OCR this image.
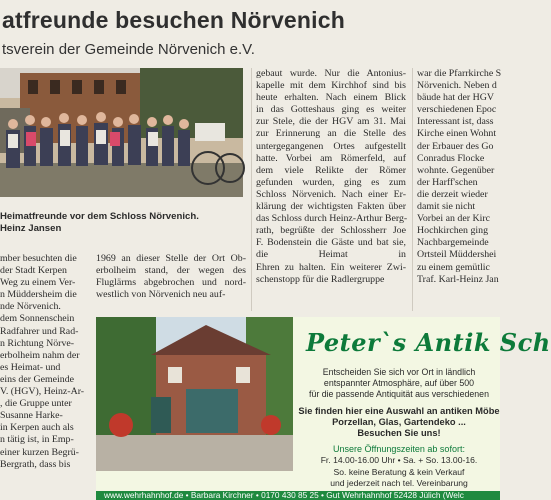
atfreunde besuchen Nörvenich
tsverein der Gemeinde Nörvenich e.V.
Heimatfreunde vor dem Schloss Nörvenich.
Heinz Jansen
mber besuchten die
der Stadt Kerpen
Weg zu einem Ver-
n Müddersheim die
nde Nörvenich.
dem Sonnenschein
Radfahrer und Rad-
n Richtung Nörve-
erbolheim nahm der
es Heimat- und
eins der Gemeinde
V. (HGV), Heinz-Ar-
, die Gruppe unter
Susanne Harke-
in Kerpen auch als
n tätig ist, in Emp-
einer kurzen Begrü-
Bergrath, dass bis
1969 an dieser Stelle der Ort Ob-
erbolheim stand, der wegen des
Fluglärms abgebrochen und nord-
westlich von Nörvenich neu auf-
gebaut wurde. Nur die Antonius-
kapelle mit dem Kirchhof sind bis
heute erhalten. Nach einem Blick
in das Gotteshaus ging es weiter
zur Stele, die der HGV am 31. Mai
zur Erinnerung an die Stelle des
untergegangenen Ortes aufgestellt
hatte. Vorbei am Römerfeld, auf
dem viele Relikte der Römer
gefunden wurden, ging es zum
Schloss Nörvenich. Nach einer Er-
klärung der wichtigsten Fakten über
das Schloss durch Heinz-Arthur Berg-
rath, begrüßte der Schlossherr Joe
F. Bodenstein die Gäste und bat sie,
die Heimat in
Ehren zu halten. Ein weiterer Zwi-
schenstopp für die Radlergruppe
war die Pfarrkirche S
Nörvenich. Neben d
bäude hat der HGV
verschiedenen Epoc
Interessant ist, dass
Kirche einen Wohnt
der Erbauer des Go
Conradus Flocke
wohnte. Gegenüber
der Harff'schen
die derzeit wieder
damit sie nicht
Vorbei an der Kirc
Hochkirchen ging
Nachbargemeinde
Ortsteil Müddershei
zu einem gemütlic
Traf. Karl-Heinz Jan
Peter`s Antik Sch
Entscheiden Sie sich vor Ort in ländlich
entspannter Atmosphäre, auf über 500
für die passende Antiquität aus verschiedenen
Sie finden hier eine Auswahl an antiken Möbe
Porzellan, Glas, Gartendeko ...
Besuchen Sie uns!
Unsere Öffnungszeiten ab sofort:
Fr. 14.00-16.00 Uhr • Sa. + So. 13.00-16.
So. keine Beratung & kein Verkauf
und jederzeit nach tel. Vereinbarung
www.wehrhahnhof.de • Barbara Kirchner • 0170 430 85 25 • Gut Wehrhahnhof 52428 Jülich (Welc
